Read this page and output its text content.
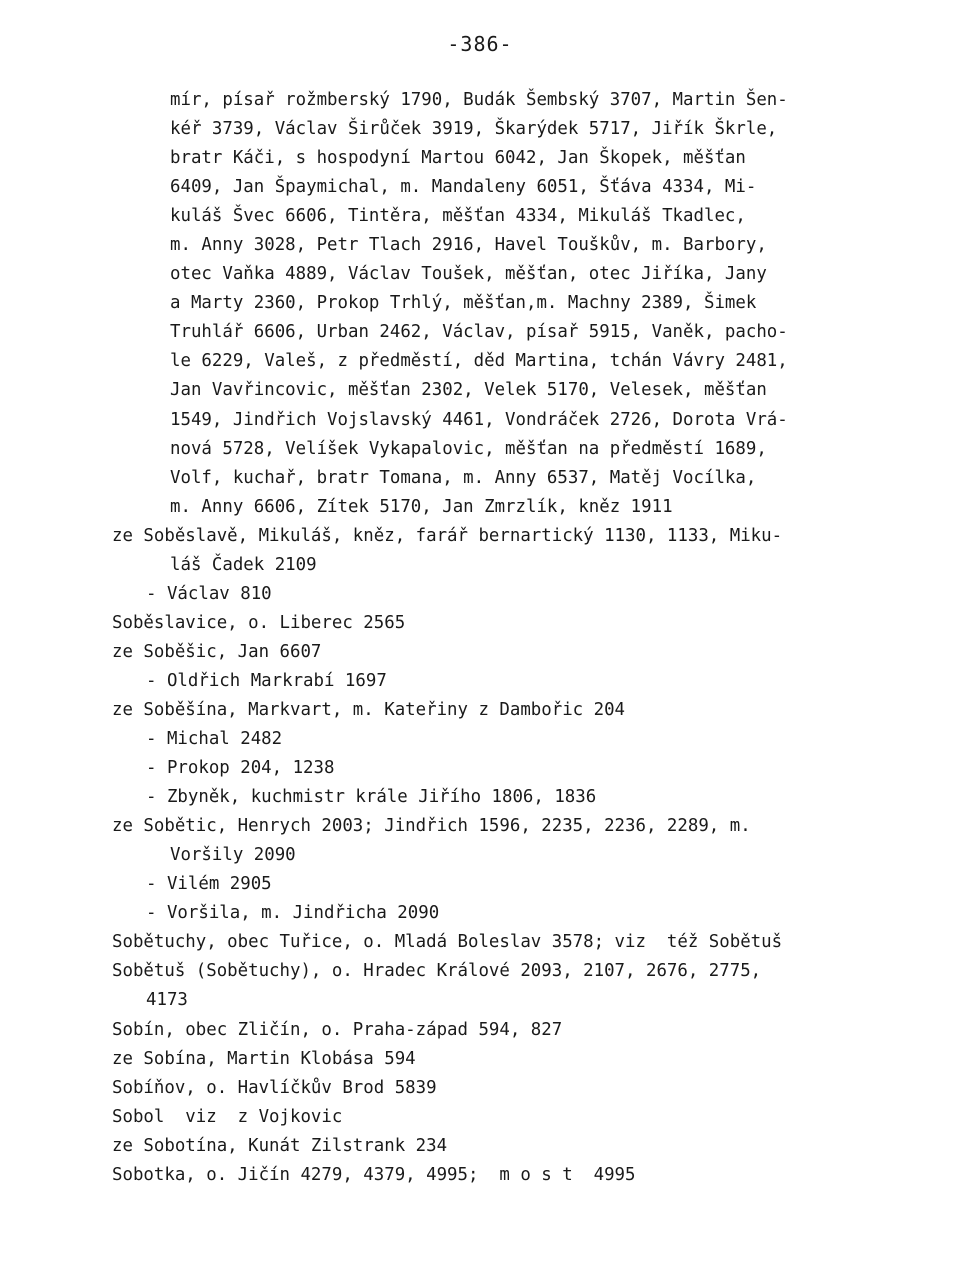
-386-
mír, písař rožmberský 1790, Budák Šembský 3707, Martin Šen-
kéř 3739, Václav Širůček 3919, Škarýdek 5717, Jiřík Škrle,
bratr Káči, s hospodyní Martou 6042, Jan Škopek, měšťan
6409, Jan Špaymichal, m. Mandaleny 6051, Šťáva 4334, Mi-
kuláš Švec 6606, Tintěra, měšťan 4334, Mikuláš Tkadlec,
m. Anny 3028, Petr Tlach 2916, Havel Touškův, m. Barbory,
otec Vaňka 4889, Václav Toušek, měšťan, otec Jiříka, Jany
a Marty 2360, Prokop Trhlý, měšťan,m. Machny 2389, Šimek
Truhlář 6606, Urban 2462, Václav, písař 5915, Vaněk, pacho-
le 6229, Valeš, z předměstí, děd Martina, tchán Vávry 2481,
Jan Vavřincovic, měšťan 2302, Velek 5170, Velesek, měšťan
1549, Jindřich Vojslavský 4461, Vondráček 2726, Dorota Vrá-
nová 5728, Velíšek Vykapalovic, měšťan na předměstí 1689,
Volf, kuchař, bratr Tomana, m. Anny 6537, Matěj Vocílka,
m. Anny 6606, Zítek 5170, Jan Zmrzlík, kněz 1911
ze Soběslavě, Mikuláš, kněz, farář bernartický 1130, 1133, Miku-
láš Čadek 2109
- Václav 810
Soběslavice, o. Liberec 2565
ze Soběšic, Jan 6607
- Oldřich Markrabí 1697
ze Soběšína, Markvart, m. Kateřiny z Dambořic 204
- Michal 2482
- Prokop 204, 1238
- Zbyněk, kuchmistr krále Jiřího 1806, 1836
ze Sobětic, Henrych 2003; Jindřich 1596, 2235, 2236, 2289, m.
Voršily 2090
- Vilém 2905
- Voršila, m. Jindřicha 2090
Sobětuchy, obec Tuřice, o. Mladá Boleslav 3578; viz  též Sobětuš
Sobětuš (Sobětuchy), o. Hradec Králové 2093, 2107, 2676, 2775,
4173
Sobín, obec Zličín, o. Praha-západ 594, 827
ze Sobína, Martin Klobása 594
Sobíňov, o. Havlíčkův Brod 5839
Sobol  viz  z Vojkovic
ze Sobotína, Kunát Zilstrank 234
Sobotka, o. Jičín 4279, 4379, 4995;  m o s t  4995
